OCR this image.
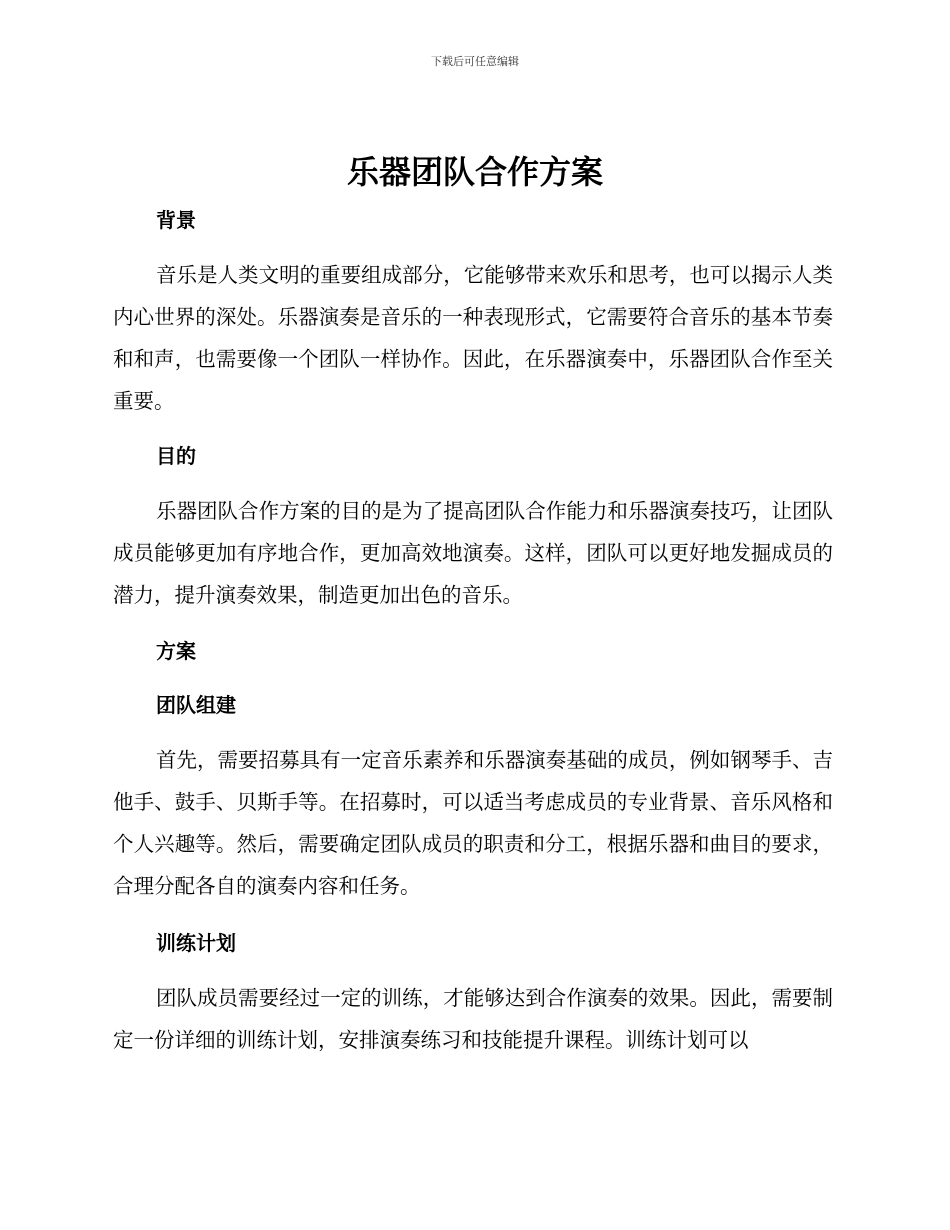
下载后可任意编辑
乐器团队合作方案
背景

音乐是人类文明的重要组成部分，它能够带来欢乐和思考，也可以揭示人类内心世界的深处。乐器演奏是音乐的一种表现形式，它需要符合音乐的基本节奏和和声，也需要像一个团队一样协作。因此，在乐器演奏中，乐器团队合作至关重要。

目的

乐器团队合作方案的目的是为了提高团队合作能力和乐器演奏技巧，让团队成员能够更加有序地合作，更加高效地演奏。这样，团队可以更好地发掘成员的潜力，提升演奏效果，制造更加出色的音乐。

方案
团队组建

首先，需要招募具有一定音乐素养和乐器演奏基础的成员，例如钢琴手、吉他手、鼓手、贝斯手等。在招募时，可以适当考虑成员的专业背景、音乐风格和个人兴趣等。然后，需要确定团队成员的职责和分工，根据乐器和曲目的要求，合理分配各自的演奏内容和任务。

训练计划

团队成员需要经过一定的训练，才能够达到合作演奏的效果。因此，需要制定一份详细的训练计划，安排演奏练习和技能提升课程。训练计划可以
